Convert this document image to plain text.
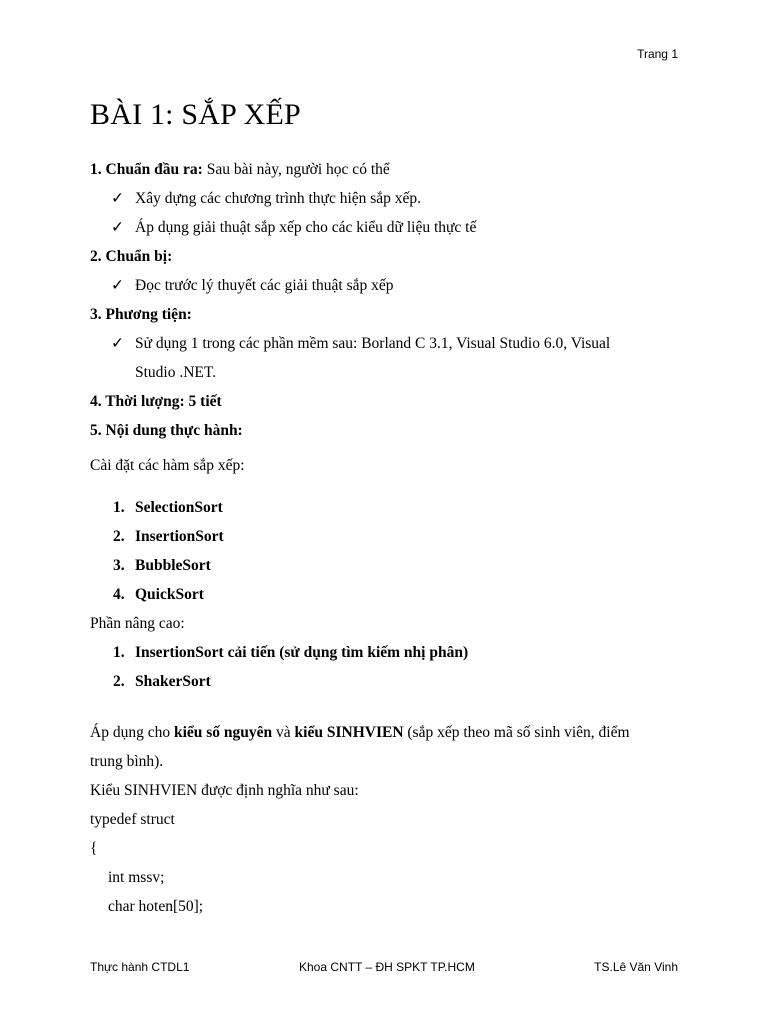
Trang 1
BÀI 1: SẮP XẾP
1. Chuẩn đầu ra: Sau bài này, người học có thể
✓ Xây dựng các chương trình thực hiện sắp xếp.
✓ Áp dụng giải thuật sắp xếp cho các kiểu dữ liệu thực tế
2. Chuẩn bị:
✓ Đọc trước lý thuyết các giải thuật sắp xếp
3. Phương tiện:
✓ Sử dụng 1 trong các phần mềm sau: Borland C 3.1, Visual Studio 6.0, Visual
Studio .NET.
4. Thời lượng: 5 tiết
5. Nội dung thực hành:
Cài đặt các hàm sắp xếp:
1. SelectionSort
2. InsertionSort
3. BubbleSort
4. QuickSort
Phần nâng cao:
1. InsertionSort cải tiến (sử dụng tìm kiếm nhị phân)
2. ShakerSort
Áp dụng cho kiểu số nguyên và kiểu SINHVIEN (sắp xếp theo mã số sinh viên, điểm
trung bình).
Kiểu SINHVIEN được định nghĩa như sau:
typedef struct
{
int mssv;
char hoten[50];
Thực hành CTDL1	Khoa CNTT – ĐH SPKT TP.HCM	TS.Lê Văn Vinh
